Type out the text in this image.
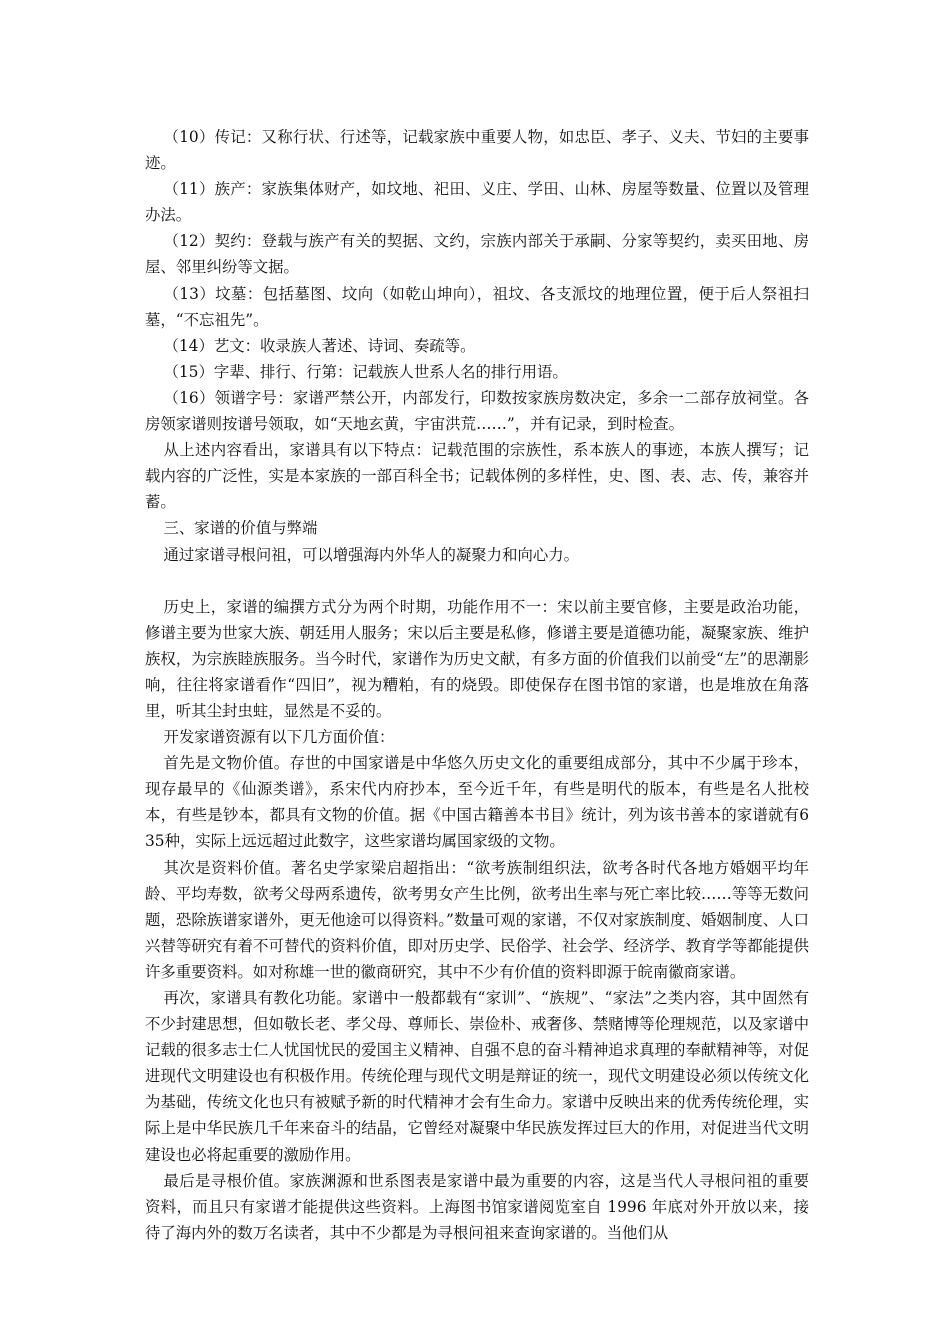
（10）传记：又称行状、行述等，记载家族中重要人物，如忠臣、孝子、义夫、节妇的主要事迹。

（11）族产：家族集体财产，如坟地、祀田、义庄、学田、山林、房屋等数量、位置以及管理办法。

（12）契约：登载与族产有关的契据、文约，宗族内部关于承嗣、分家等契约，卖买田地、房屋、邻里纠纷等文据。

（13）坟墓：包括墓图、坟向（如乾山坤向），祖坟、各支派坟的地理位置，便于后人祭祖扫墓，“不忘祖先”。

（14）艺文：收录族人著述、诗词、奏疏等。

（15）字辈、排行、行第：记载族人世系人名的排行用语。

（16）领谱字号：家谱严禁公开，内部发行，印数按家族房数决定，多余一二部存放祠堂。各房领家谱则按谱号领取，如“天地玄黄，宇宙洪荒……”，并有记录，到时检查。

从上述内容看出，家谱具有以下特点：记载范围的宗族性，系本族人的事迹，本族人撰写；记载内容的广泛性，实是本家族的一部百科全书；记载体例的多样性，史、图、表、志、传，兼容并蓄。

三、家谱的价值与弊端

通过家谱寻根问祖，可以增强海内外华人的凝聚力和向心力。

历史上，家谱的编撰方式分为两个时期，功能作用不一：宋以前主要官修，主要是政治功能，修谱主要为世家大族、朝廷用人服务；宋以后主要是私修，修谱主要是道德功能，凝聚家族、维护族权，为宗族睦族服务。当今时代，家谱作为历史文献，有多方面的价值我们以前受“左”的思潮影响，往往将家谱看作“四旧”，视为糟粕，有的烧毁。即使保存在图书馆的家谱，也是堆放在角落里，听其尘封虫蛀，显然是不妥的。

开发家谱资源有以下几方面价值：

首先是文物价值。存世的中国家谱是中华悠久历史文化的重要组成部分，其中不少属于珍本，现存最早的《仙源类谱》，系宋代内府抄本，至今近千年，有些是明代的版本，有些是名人批校本，有些是钞本，都具有文物的价值。据《中国古籍善本书目》统计，列为该书善本的家谱就有635种，实际上远远超过此数字，这些家谱均属国家级的文物。

其次是资料价值。著名史学家梁启超指出：“欲考族制组织法，欲考各时代各地方婚姻平均年龄、平均寿数，欲考父母两系遗传，欲考男女产生比例，欲考出生率与死亡率比较……等等无数问题，恐除族谱家谱外，更无他途可以得资料。”数量可观的家谱，不仅对家族制度、婚姻制度、人口兴替等研究有着不可替代的资料价值，即对历史学、民俗学、社会学、经济学、教育学等都能提供许多重要资料。如对称雄一世的徽商研究，其中不少有价值的资料即源于皖南徽商家谱。

再次，家谱具有教化功能。家谱中一般都载有“家训”、“族规”、“家法”之类内容，其中固然有不少封建思想，但如敬长老、孝父母、尊师长、崇俭朴、戒奢侈、禁赌博等伦理规范，以及家谱中记载的很多志士仁人忧国忧民的爱国主义精神、自强不息的奋斗精神追求真理的奉献精神等，对促进现代文明建设也有积极作用。传统伦理与现代文明是辩证的统一，现代文明建设必须以传统文化为基础，传统文化也只有被赋予新的时代精神才会有生命力。家谱中反映出来的优秀传统伦理，实际上是中华民族几千年来奋斗的结晶，它曾经对凝聚中华民族发挥过巨大的作用，对促进当代文明建设也必将起重要的激励作用。

最后是寻根价值。家族渊源和世系图表是家谱中最为重要的内容，这是当代人寻根问祖的重要资料，而且只有家谱才能提供这些资料。上海图书馆家谱阅览室自 1996 年底对外开放以来，接待了海内外的数万名读者，其中不少都是为寻根问祖来查询家谱的。当他们从
